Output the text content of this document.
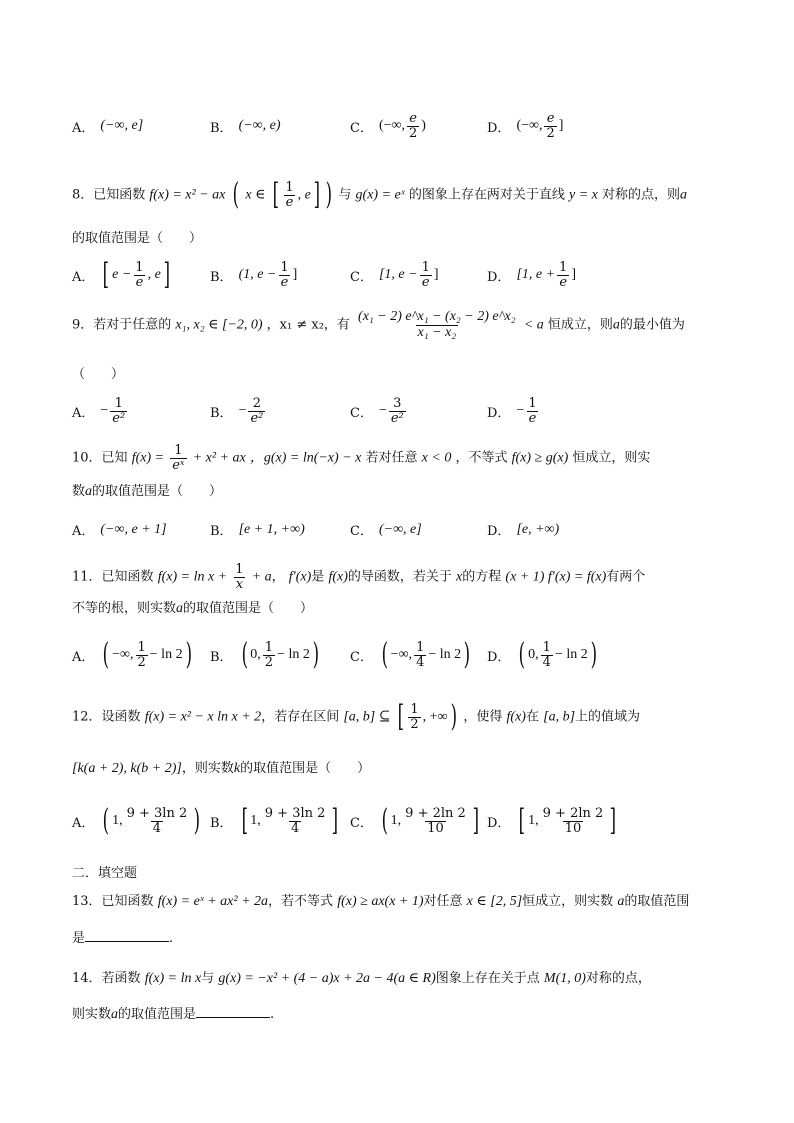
A． (−∞, e]	B． (−∞, e)	C． (−∞, $\frac{e}{2}$ )	D． (−∞, $\frac{e}{2}$ ]
8．已知函数 f(x) = x² − ax ( x ∈ [ $\frac{1}{e}$ , e] ) 与 g(x) = eˣ 的图象上存在两对关于直线 y = x 对称的点，则a
的取值范围是（　　）
A． [ $e - \frac{1}{e}$ , e ]	B． (1, $e - \frac{1}{e}$ ]	C． [1, $e - \frac{1}{e}$ ]	D． [1, $e + \frac{1}{e}$ ]
9．若对于任意的 x₁, x₂ ∈ [−2, 0) ，x₁ ≠ x₂，有 $\frac{\text{(x₁ − 2) e\textasciicircum{}x₁ − (x₂ − 2) e\textasciicircum{}x₂}}{\text{x₁ − x₂}} < a$ 恒成立，则a的最小值为
（　　）
A． − $\frac{1}{\text{e²}}$	B． − $\frac{2}{\text{e²}}$	C． − $\frac{3}{\text{e²}}$	D． − $\frac{1}{e}$
10．已知 $f(x) = \frac{1}{\text{eˣ}} + x^2$ + ax ，g(x) = ln(−x) − x 若对任意 x < 0 ，不等式 f(x) ≥ g(x) 恒成立，则实
数a的取值范围是（　　）
A． (−∞, e + 1]	B． [e + 1, +∞)	C． (−∞, e]	D． [e, +∞)
11．已知函数 $f(x) = \ln x + \frac{1}{x} + a$， f′(x)是 f(x)的导函数，若关于 x的方程 (x + 1) f′(x) = f(x)有两个
不等的根，则实数a的取值范围是（　　）
A． ( −∞, $\frac{1}{2} - \ln 2$ ) B． ( 0, $\frac{1}{2} - \ln 2$ ) C． ( −∞, $\frac{1}{4} - \ln 2$ ) D． ( 0, $\frac{1}{4} - \ln 2$ )
12．设函数 f(x) = x² − x ln x + 2，若存在区间 [a, b] ⊆ [ $\frac{1}{2}$ , +∞) ，使得 f(x)在 [a, b]上的值域为
[k(a + 2), k(b + 2)]，则实数k的取值范围是（　　）
A． ( 1, $\frac{9 + 3\ln 2}{4}$ ) B． [ 1, $\frac{9 + 3\ln 2}{4}$ ] C． ( 1, $\frac{9 + 2\ln 2}{10}$ ] D． [ 1, $\frac{9 + 2\ln 2}{10}$ ]
二．填空题
13．已知函数 f(x) = eˣ + ax² + 2a，若不等式 f(x) ≥ ax(x + 1)对任意 x ∈ [2, 5]恒成立，则实数 a的取值范围
是	.
14．若函数 f(x) = ln x与 g(x) = −x² + (4 − a)x + 2a − 4(a ∈ R)图象上存在关于点 M(1, 0)对称的点，
则实数a的取值范围是	.
